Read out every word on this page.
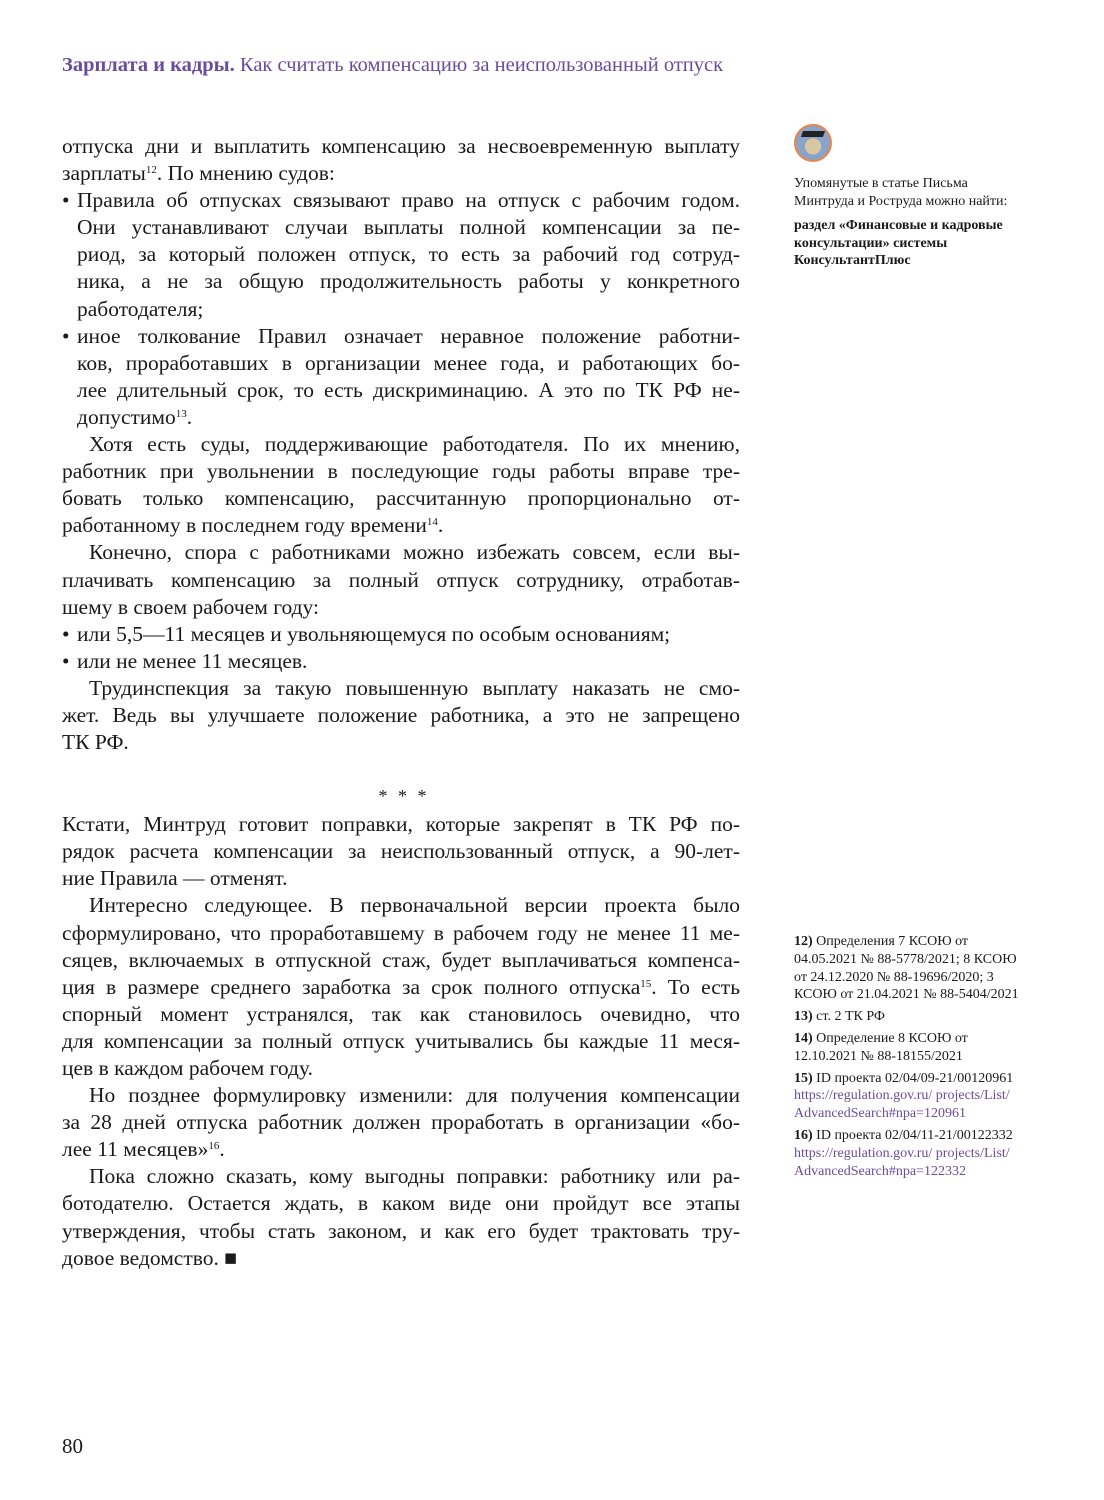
Зарплата и кадры. Как считать компенсацию за неиспользованный отпуск
отпуска дни и выплатить компенсацию за несвоевременную выплату
зарплаты$^{12}$. По мнению судов:
• Правила об отпусках связывают право на отпуск с рабочим годом.
Они устанавливают случаи выплаты полной компенсации за пе-
риод, за который положен отпуск, то есть за рабочий год сотруд-
ника, а не за общую продолжительность работы у конкретного
работодателя;
• иное толкование Правил означает неравное положение работни-
ков, проработавших в организации менее года, и работающих бо-
лее длительный срок, то есть дискриминацию. А это по ТК РФ не-
допустимо$^{13}$.
Хотя есть суды, поддерживающие работодателя. По их мнению,
работник при увольнении в последующие годы работы вправе тре-
бовать только компенсацию, рассчитанную пропорционально от-
работанному в последнем году времени$^{14}$.
Конечно, спора с работниками можно избежать совсем, если вы-
плачивать компенсацию за полный отпуск сотруднику, отработав-
шему в своем рабочем году:
• или 5,5—11 месяцев и увольняющемуся по особым основаниям;
• или не менее 11 месяцев.
Трудинспекция за такую повышенную выплату наказать не смо-
жет. Ведь вы улучшаете положение работника, а это не запрещено
ТК РФ.
* * *
Кстати, Минтруд готовит поправки, которые закрепят в ТК РФ по-
рядок расчета компенсации за неиспользованный отпуск, а 90-лет-
ние Правила — отменят.
Интересно следующее. В первоначальной версии проекта было
сформулировано, что проработавшему в рабочем году не менее 11 ме-
сяцев, включаемых в отпускной стаж, будет выплачиваться компенса-
ция в размере среднего заработка за срок полного отпуска$^{15}$. То есть
спорный момент устранялся, так как становилось очевидно, что
для компенсации за полный отпуск учитывались бы каждые 11 меся-
цев в каждом рабочем году.
Но позднее формулировку изменили: для получения компенсации
за 28 дней отпуска работник должен проработать в организации «бо-
лее 11 месяцев»$^{16}$.
Пока сложно сказать, кому выгодны поправки: работнику или ра-
ботодателю. Остается ждать, в каком виде они пройдут все этапы
утверждения, чтобы стать законом, и как его будет трактовать тру-
довое ведомство. ■
Упомянутые в статье Письма Минтруда и Роструда можно найти:
раздел «Финансовые и кадровые консультации» системы КонсультантПлюс
12) Определения 7 КСОЮ от 04.05.2021 № 88-5778/2021; 8 КСОЮ от 24.12.2020 № 88-19696/2020; 3 КСОЮ от 21.04.2021 № 88-5404/2021
13) ст. 2 ТК РФ
14) Определение 8 КСОЮ от 12.10.2021 № 88-18155/2021
15) ID проекта 02/04/09-21/00120961
https://regulation.gov.ru/ projects/List/ AdvancedSearch#npa=120961
16) ID проекта 02/04/11-21/00122332
https://regulation.gov.ru/ projects/List/ AdvancedSearch#npa=122332
80
